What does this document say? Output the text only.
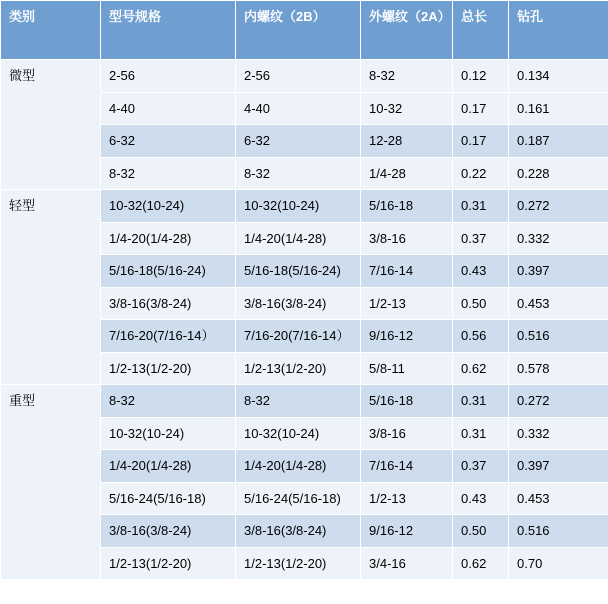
类别	型号规格	内螺纹（2B）	外螺纹（2A）	总长	钻孔

微型	2-56	2-56	8-32	0.12	0.134
	4-40	4-40	10-32	0.17	0.161
	6-32	6-32	12-28	0.17	0.187
	8-32	8-32	1/4-28	0.22	0.228

轻型	10-32(10-24)	10-32(10-24)	5/16-18	0.31	0.272
	1/4-20(1/4-28)	1/4-20(1/4-28)	3/8-16	0.37	0.332
	5/16-18(5/16-24)	5/16-18(5/16-24)	7/16-14	0.43	0.397
	3/8-16(3/8-24)	3/8-16(3/8-24)	1/2-13	0.50	0.453
	7/16-20(7/16-14）	7/16-20(7/16-14）	9/16-12	0.56	0.516
	1/2-13(1/2-20)	1/2-13(1/2-20)	5/8-11	0.62	0.578

重型	8-32	8-32	5/16-18	0.31	0.272
	10-32(10-24)	10-32(10-24)	3/8-16	0.31	0.332
	1/4-20(1/4-28)	1/4-20(1/4-28)	7/16-14	0.37	0.397
	5/16-24(5/16-18)	5/16-24(5/16-18)	1/2-13	0.43	0.453
	3/8-16(3/8-24)	3/8-16(3/8-24)	9/16-12	0.50	0.516
	1/2-13(1/2-20)	1/2-13(1/2-20)	3/4-16	0.62	0.70
